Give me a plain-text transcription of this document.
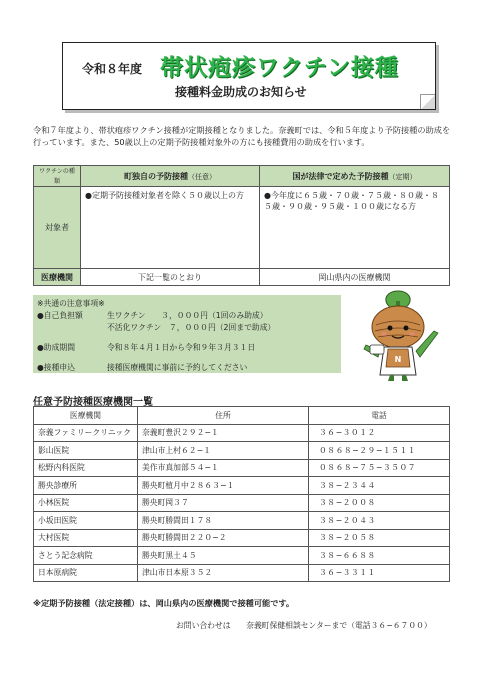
令和８年度 帯状疱疹ワクチン接種
接種料金助成のお知らせ
令和７年度より、帯状疱疹ワクチン接種が定期接種となりました。奈義町では、令和５年度より予防接種の助成を行っています。また、50歳以上の定期予防接種対象外の方にも接種費用の助成を行います。
ワクチンの種類	町独自の予防接種（任意）	国が法律で定めた予防接種（定期）
対象者	●定期予防接種対象者を除く５０歳以上の方	●今年度に６５歳・７０歳・７５歳・８０歳・８５歳・９０歳・９５歳・１００歳になる方
医療機関	下記一覧のとおり	岡山県内の医療機関
※共通の注意事項※
●自己負担額	生ワクチン　　３，０００円（1回のみ助成）
不活化ワクチン　７，０００円（2回まで助成）
●助成期間	令和８年４月１日から令和９年３月３１日
●接種申込	接種医療機関に事前に予約してください
N
任意予防接種医療機関一覧
医療機関	住所	電話
奈義ファミリークリニック	奈義町豊沢２９２−１	３６−３０１２
影山医院	津山市上村６２−１	０８６８−２９−１５１１
松野内科医院	美作市真加部５４−１	０８６８−７５−３５０７
勝央診療所	勝央町植月中２８６３−１	３８−２３４４
小林医院	勝央町岡３７	３８−２００８
小坂田医院	勝央町勝間田１７８	３８−２０４３
大村医院	勝央町勝間田２２０−２	３８−２０５８
さとう記念病院	勝央町黒土４５	３８−６６８８
日本原病院	津山市日本原３５２	３６−３３１１
※定期予防接種（法定接種）は、岡山県内の医療機関で接種可能です。
お問い合わせは　　奈義町保健相談センターまで（電話３６−６７００）
